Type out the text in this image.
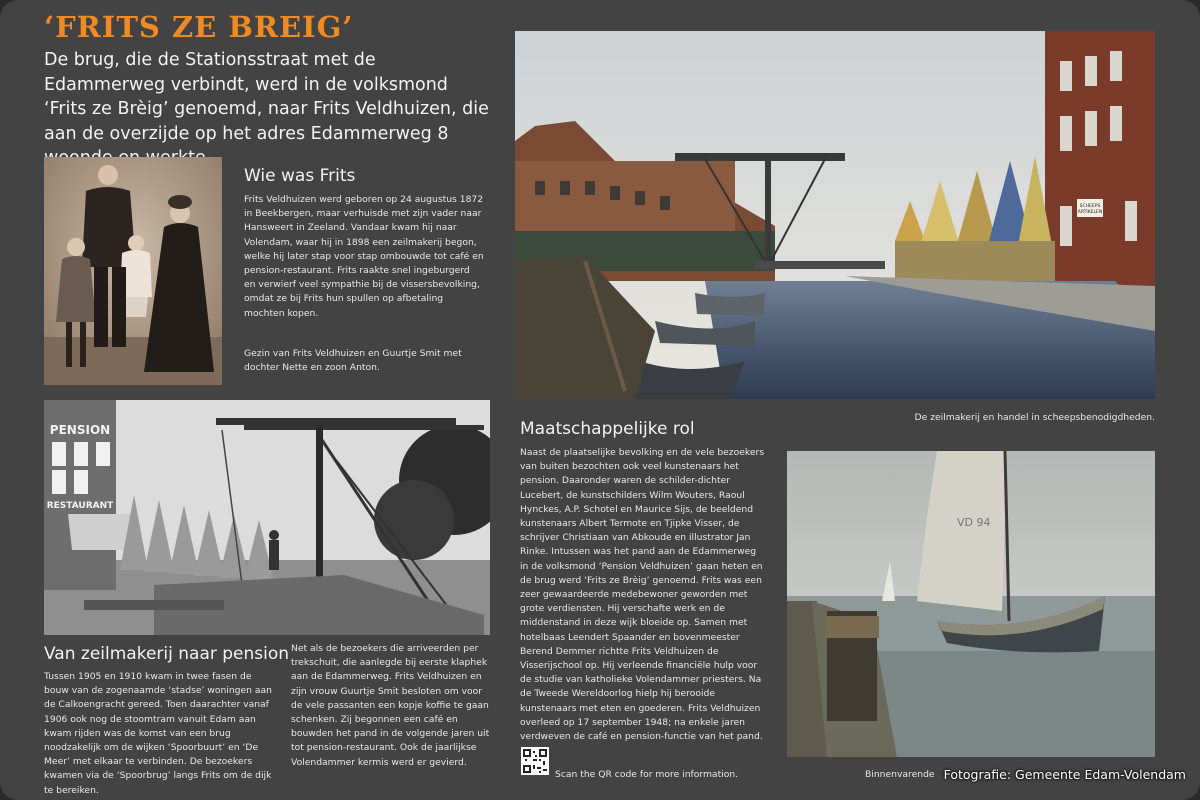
‘FRITS ZE BREIG’
De brug, die de Stationsstraat met de Edammerweg verbindt, werd in de volksmond ‘Frits ze Brèig’ genoemd, naar Frits Veldhuizen, die aan de overzijde op het adres Edammerweg 8
Wie was Frits
Frits Veldhuizen werd geboren op 24 augustus 1872 in Beekbergen, maar verhuisde met zijn vader naar Hansweert in Zeeland. Vandaar kwam hij naar Volendam, waar hij in 1898 een zeilmakerij begon, welke hij later stap voor stap ombouwde tot café en pension-restaurant. Frits raakte snel ingeburgerd en verwierf veel sympathie bij de vissersbevolking, omdat ze bij Frits hun spullen op afbetaling mochten kopen.
Gezin van Frits Veldhuizen en Guurtje Smit met dochter Nette en zoon Anton.
SCHEEPS
ARTIKELEN
De zeilmakerij en handel in scheepsbenodigdheden.
PENSION
RESTAURANT
Van zeilmakerij naar pension
Tussen 1905 en 1910 kwam in twee fasen de bouw van de zogenaamde ‘stadse’ woningen aan de Calkoengracht gereed. Toen daarachter vanaf 1906 ook nog de stoomtram vanuit Edam aan kwam rijden was de komst van een brug noodzakelijk om de wijken ‘Spoorbuurt’ en ‘De Meer’ met elkaar te verbinden. De bezoekers kwamen via de ‘Spoorbrug’ langs Frits om de dijk te bereiken.
Net als de bezoekers die arriveerden per trekschuit, die aanlegde bij eerste klaphek aan de Edammerweg. Frits Veldhuizen en zijn vrouw Guurtje Smit besloten om voor de vele passanten een kopje koffie te gaan schenken. Zij begonnen een café en bouwden het pand in de volgende jaren uit tot pension-restaurant. Ook de jaarlijkse Volendammer kermis werd er gevierd.
Maatschappelijke rol
Naast de plaatselijke bevolking en de vele bezoekers van buiten bezochten ook veel kunstenaars het pension. Daaronder waren de schilder-dichter Lucebert, de kunstschilders Wilm Wouters, Raoul Hynckes, A.P. Schotel en Maurice Sijs, de beeldend kunstenaars Albert Termote en Tjipke Visser, de schrijver Christiaan van Abkoude en illustrator Jan Rinke. Intussen was het pand aan de Edammerweg in de volksmond ‘Pension Veldhuizen’ gaan heten en de brug werd ‘Frits ze Brèig’ genoemd. Frits was een zeer gewaardeerde medebewoner geworden met grote verdiensten. Hij verschafte werk en de middenstand in deze wijk bloeide op. Samen met hotelbaas Leendert Spaander en bovenmeester Berend Demmer richtte Frits Veldhuizen de Visserijschool op. Hij verleende financiële hulp voor de studie van katholieke Volendammer priesters. Na de Tweede Wereldoorlog hielp hij berooide kunstenaars met eten en goederen. Frits Veldhuizen overleed op 17 september 1948; na enkele jaren verdweven de café en pension-functie van het pand.
VD 94
Scan the QR code for more information.	Binnenvarende Fotografie: Gemeente Edam-Volendam
